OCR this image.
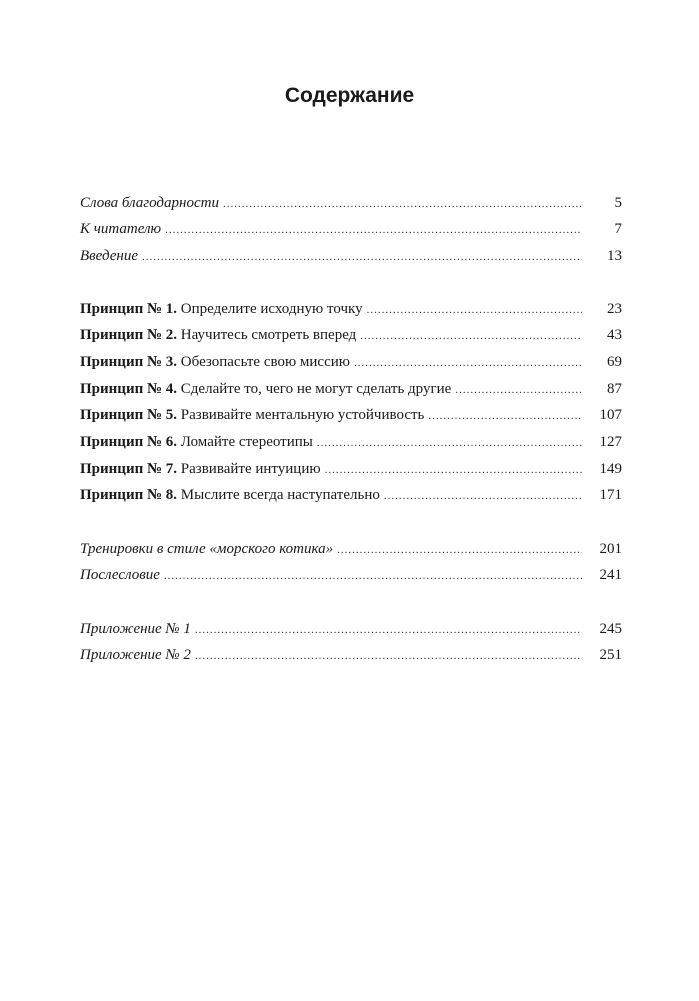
Содержание
Слова благодарности .....	5
К читателю .....	7
Введение .....	13
Принцип № 1. Определите исходную точку .....	23
Принцип № 2. Научитесь смотреть вперед .....	43
Принцип № 3. Обезопасьте свою миссию .....	69
Принцип № 4. Сделайте то, чего не могут сделать другие .....	87
Принцип № 5. Развивайте ментальную устойчивость .....	107
Принцип № 6. Ломайте стереотипы .....	127
Принцип № 7. Развивайте интуицию .....	149
Принцип № 8. Мыслите всегда наступательно .....	171
Тренировки в стиле «морского котика» .....	201
Послесловие .....	241
Приложение № 1 .....	245
Приложение № 2 .....	251
